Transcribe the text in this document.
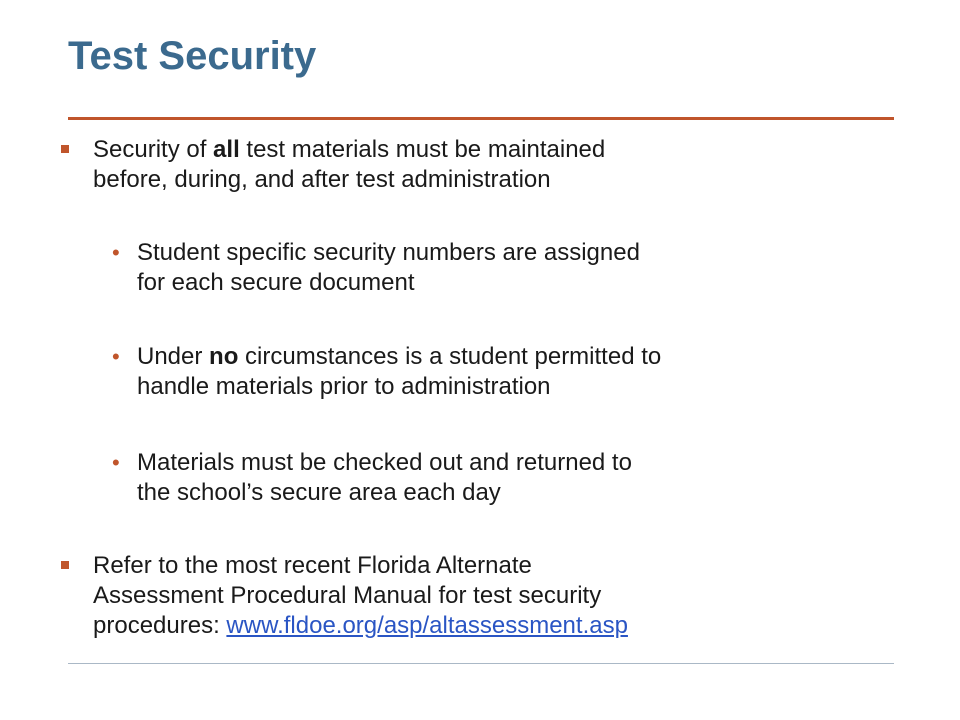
Test Security
Security of all test materials must be maintained
before, during, and after test administration
• Student specific security numbers are assigned
for each secure document
• Under no circumstances is a student permitted to
handle materials prior to administration
• Materials must be checked out and returned to
the school’s secure area each day
Refer to the most recent Florida Alternate
Assessment Procedural Manual for test security
procedures: www.fldoe.org/asp/altassessment.asp
